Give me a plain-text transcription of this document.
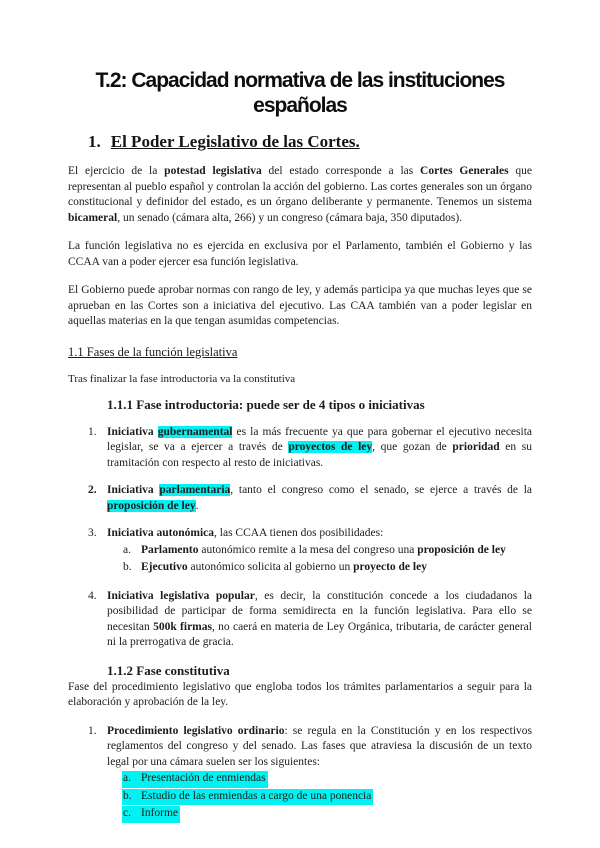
T.2: Capacidad normativa de las instituciones españolas
1. El Poder Legislativo de las Cortes.

El ejercicio de la potestad legislativa del estado corresponde a las Cortes Generales que representan al pueblo español y controlan la acción del gobierno. Las cortes generales son un órgano constitucional y definidor del estado, es un órgano deliberante y permanente. Tenemos un sistema bicameral, un senado (cámara alta, 266) y un congreso (cámara baja, 350 diputados).

La función legislativa no es ejercida en exclusiva por el Parlamento, también el Gobierno y las CCAA van a poder ejercer esa función legislativa.

El Gobierno puede aprobar normas con rango de ley, y además participa ya que muchas leyes que se aprueban en las Cortes son a iniciativa del ejecutivo. Las CAA también van a poder legislar en aquellas materias en la que tengan asumidas competencias.

1.1 Fases de la función legislativa

Tras finalizar la fase introductoria va la constitutiva

1.1.1 Fase introductoria: puede ser de 4 tipos o iniciativas
1. Iniciativa gubernamental es la más frecuente ya que para gobernar el ejecutivo necesita legislar, se va a ejercer a través de proyectos de ley, que gozan de prioridad en su tramitación con respecto al resto de iniciativas.
2. Iniciativa parlamentaria, tanto el congreso como el senado, se ejerce a través de la proposición de ley.
3. Iniciativa autonómica, las CCAA tienen dos posibilidades:
a. Parlamento autonómico remite a la mesa del congreso una proposición de ley
b. Ejecutivo autonómico solicita al gobierno un proyecto de ley
4. Iniciativa legislativa popular, es decir, la constitución concede a los ciudadanos la posibilidad de participar de forma semidirecta en la función legislativa. Para ello se necesitan 500k firmas, no caerá en materia de Ley Orgánica, tributaria, de carácter general ni la prerrogativa de gracia.
1.1.2 Fase constitutiva

Fase del procedimiento legislativo que engloba todos los trámites parlamentarios a seguir para la elaboración y aprobación de la ley.

1. Procedimiento legislativo ordinario: se regula en la Constitución y en los respectivos reglamentos del congreso y del senado. Las fases que atraviesa la discusión de un texto legal por una cámara suelen ser los siguientes:
a. Presentación de enmiendas
b. Estudio de las enmiendas a cargo de una ponencia
c. Informe
